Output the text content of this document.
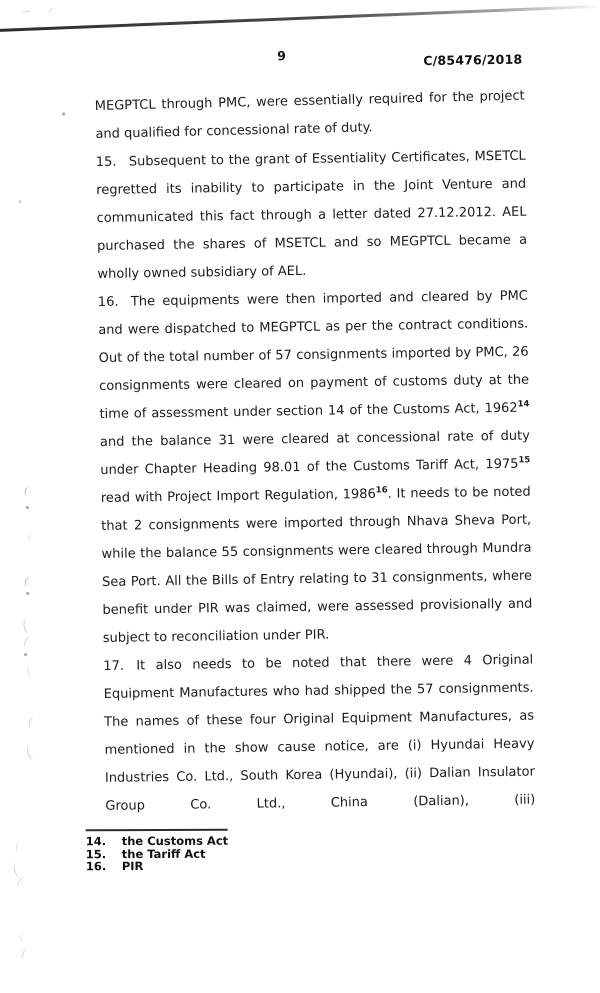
9	C/85476/2018
MEGPTCL through PMC, were essentially required for the project and qualified for concessional rate of duty.
15. Subsequent to the grant of Essentiality Certificates, MSETCL regretted its inability to participate in the Joint Venture and communicated this fact through a letter dated 27.12.2012. AEL purchased the shares of MSETCL and so MEGPTCL became a wholly owned subsidiary of AEL.
16. The equipments were then imported and cleared by PMC and were dispatched to MEGPTCL as per the contract conditions. Out of the total number of 57 consignments imported by PMC, 26 consignments were cleared on payment of customs duty at the time of assessment under section 14 of the Customs Act, 1962$^{14}$ and the balance 31 were cleared at concessional rate of duty under Chapter Heading 98.01 of the Customs Tariff Act, 1975$^{15}$ read with Project Import Regulation, 1986$^{16}$. It needs to be noted that 2 consignments were imported through Nhava Sheva Port, while the balance 55 consignments were cleared through Mundra Sea Port. All the Bills of Entry relating to 31 consignments, where benefit under PIR was claimed, were assessed provisionally and subject to reconciliation under PIR.
17. It also needs to be noted that there were 4 Original Equipment Manufactures who had shipped the 57 consignments. The names of these four Original Equipment Manufactures, as mentioned in the show cause notice, are (i) Hyundai Heavy Industries Co. Ltd., South Korea (Hyundai), (ii) Dalian Insulator Group Co. Ltd., China (Dalian), (iii)
14.	the Customs Act
15.	the Tariff Act
16.	PIR
